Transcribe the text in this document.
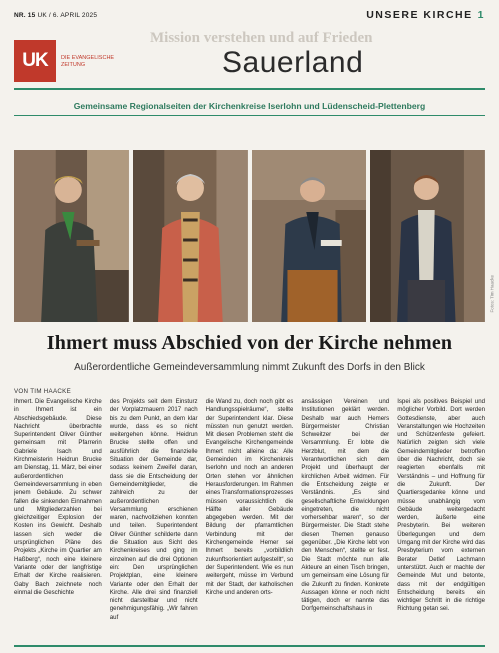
NR. 15 UK / 6. APRIL 2025	UNSERE KIRCHE 1
Mission verstehen und auf Frieden
UK DIE EVANGELISCHE
ZEITUNG	Sauerland
Gemeinsame Regionalseiten der Kirchenkreise Iserlohn und Lüdenscheid-Plettenberg
Fotos: Tim Haacke
Ihmert muss Abschied von der Kirche nehmen
Außerordentliche Gemeindeversammlung nimmt Zukunft des Dorfs in den Blick
VON TIM HAACKE

Ihmert. Die Evangelische Kirche in Ihmert ist ein Abschiedsgebäude. Diese Nachricht überbrachte Superintendent Oliver Günther gemeinsam mit Pfarrerin Gabriele Isach und Kirchmeisterin Heidrun Brucke am Dienstag, 11. März, bei einer außerordentlichen Gemeindeversammlung in eben jenem Gebäude. Zu schwer fallen die sinkenden Einnahmen und Mitgliederzahlen bei gleichzeitiger Explosion der Kosten ins Gewicht. Deshalb lassen sich weder die ursprünglichen Pläne des Projekts „Kirche im Quartier am Haßberg“, noch eine kleinere Variante oder der langfristige Erhalt der Kirche realisieren. Gaby Bach zeichnete noch einmal die Geschichte

des Projekts seit dem Einsturz der Vorplatzmauern 2017 nach bis zu dem Punkt, an dem klar wurde, dass es so nicht weitergehen könne. Heidrun Brucke stellte offen und ausführlich die finanzielle Situation der Gemeinde dar, sodass keinem Zweifel daran, dass sie die Entscheidung der Gemeindemitglieder, die zahlreich zu der außerordentlichen Versammlung erschienen waren, nachvollziehen konnten und teilen. Superintendent Oliver Günther schilderte dann die Situation aus Sicht des Kirchenkreises und ging im einzelnen auf die drei Optionen ein: Den ursprünglichen Projektplan, eine kleinere Variante oder den Erhalt der Kirche. Alle drei sind finanziell nicht darstellbar und nicht genehmigungsfähig. „Wir fahren auf

die Wand zu, doch noch gibt es Handlungsspielräume“, stellte der Superintendent klar. Diese müssten nun genutzt werden. Mit diesen Problemen steht die Evangelische Kirchengemeinde Ihmert nicht alleine da: Alle Gemeinden im Kirchenkreis Iserlohn und noch an anderen Orten stehen vor ähnlichen Herausforderungen. Im Rahmen eines Transformationsprozesses müssen voraussichtlich die Hälfte aller Gebäude abgegeben werden. Mit der Bildung der pfarramtlichen Verbindung mit der Kirchengemeinde Hemer sei Ihmert bereits „vorbildlich zukunftsorientiert aufgestellt“, so der Superintendent. Wie es nun weitergeht, müsse im Verbund mit der Stadt, der katholischen Kirche und anderen orts-

ansässigen Vereinen und Institutionen geklärt werden. Deshalb war auch Hemers Bürgermeister Christian Schweitzer bei der Versammlung. Er lobte die Herzblut, mit dem die Verantwortlichen sich dem Projekt und überhaupt der kirchlichen Arbeit widmen. Für die Entscheidung zeigte er Verständnis. „Es sind gesellschaftliche Entwicklungen eingetreten, die nicht vorhersehbar waren“, so der Bürgermeister. Die Stadt stehe diesen Themen genauso gegenüber. „Die Kirche lebt von den Menschen“, stellte er fest. Die Stadt möchte nun alle Akteure an einen Tisch bringen, um gemeinsam eine Lösung für die Zukunft zu finden. Konkrete Aussagen könne er noch nicht tätigen, doch er nannte das Dorfgemeinschaftshaus in

Ispei als positives Beispiel und möglicher Vorbild. Dort werden Gottesdienste, aber auch Veranstaltungen wie Hochzeiten und Schützenfeste gefeiert. Natürlich zeigten sich viele Gemeindemitglieder betroffen über die Nachricht, doch sie reagierten ebenfalls mit Verständnis – und Hoffnung für die Zukunft. Der Quartiersgedanke könne und müsse unabhängig vom Gebäude weitergedacht werden, äußerte eine Presbyterin. Bei weiteren Überlegungen und dem Umgang mit der Kirche wird das Presbyterium vom externen Berater Detlef Lachmann unterstützt. Auch er machte der Gemeinde Mut und betonte, dass mit der endgültigen Entscheidung bereits ein wichtiger Schritt in die richtige Richtung getan sei.
